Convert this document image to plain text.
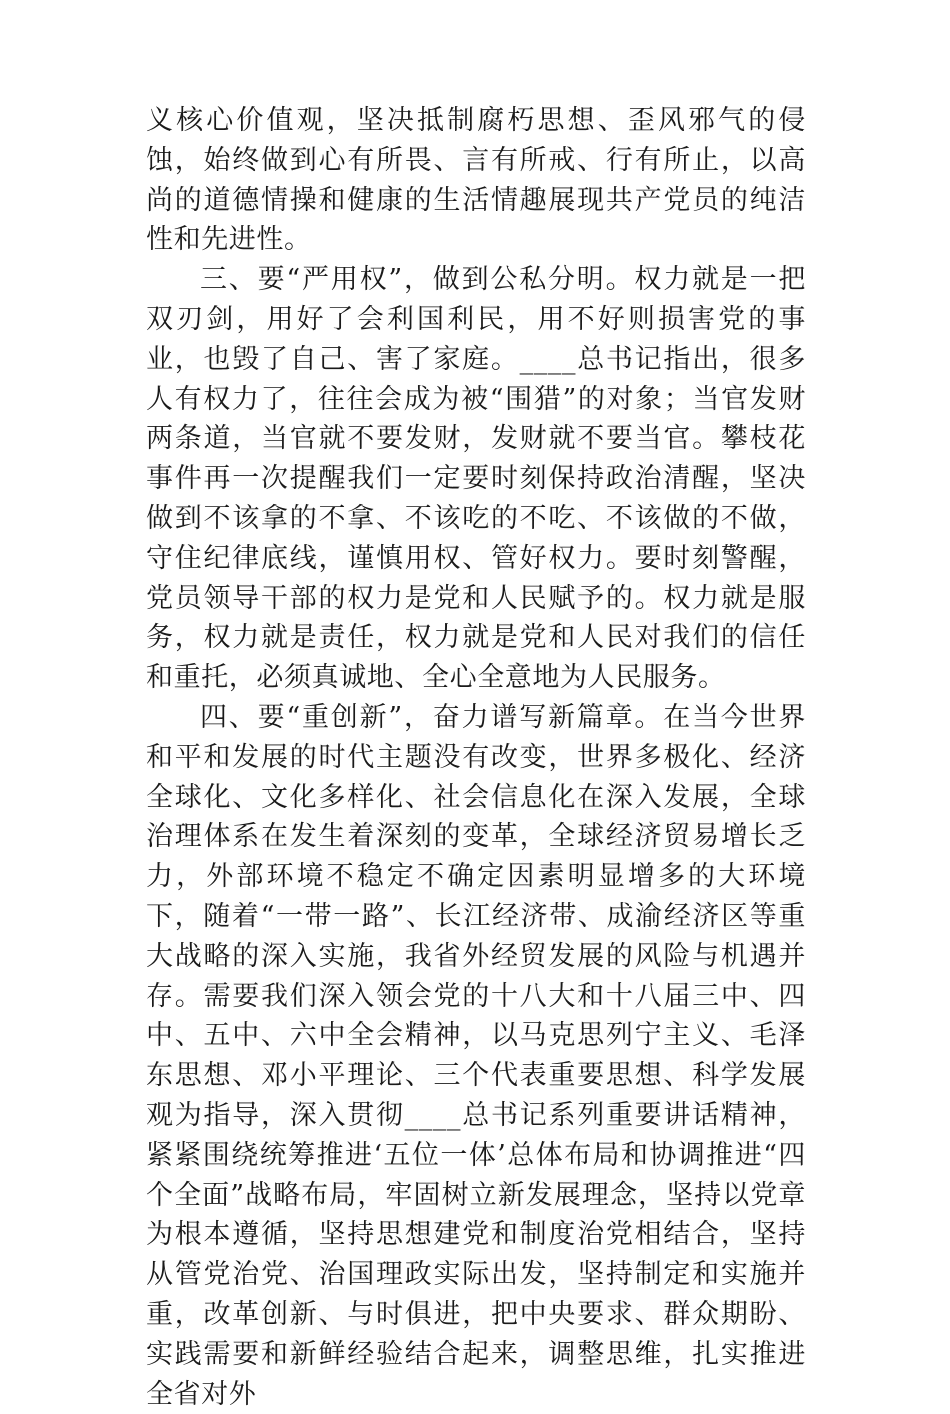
义核心价值观，坚决抵制腐朽思想、歪风邪气的侵蚀，始终做到心有所畏、言有所戒、行有所止，以高尚的道德情操和健康的生活情趣展现共产党员的纯洁性和先进性。

三、要“严用权”，做到公私分明。权力就是一把双刃剑，用好了会利国利民，用不好则损害党的事业，也毁了自己、害了家庭。____总书记指出，很多人有权力了，往往会成为被“围猎”的对象；当官发财两条道，当官就不要发财，发财就不要当官。攀枝花事件再一次提醒我们一定要时刻保持政治清醒，坚决做到不该拿的不拿、不该吃的不吃、不该做的不做，守住纪律底线，谨慎用权、管好权力。要时刻警醒，党员领导干部的权力是党和人民赋予的。权力就是服务，权力就是责任，权力就是党和人民对我们的信任和重托，必须真诚地、全心全意地为人民服务。

四、要“重创新”，奋力谱写新篇章。在当今世界和平和发展的时代主题没有改变，世界多极化、经济全球化、文化多样化、社会信息化在深入发展，全球治理体系在发生着深刻的变革，全球经济贸易增长乏力，外部环境不稳定不确定因素明显增多的大环境下，随着“一带一路”、长江经济带、成渝经济区等重大战略的深入实施，我省外经贸发展的风险与机遇并存。需要我们深入领会党的十八大和十八届三中、四中、五中、六中全会精神，以马克思列宁主义、毛泽东思想、邓小平理论、三个代表重要思想、科学发展观为指导，深入贯彻____总书记系列重要讲话精神，紧紧围绕统筹推进‘五位一体’总体布局和协调推进“四个全面”战略布局，牢固树立新发展理念，坚持以党章为根本遵循，坚持思想建党和制度治党相结合，坚持从管党治党、治国理政实际出发，坚持制定和实施并重，改革创新、与时俱进，把中央要求、群众期盼、实践需要和新鲜经验结合起来，调整思维，扎实推进全省对外
